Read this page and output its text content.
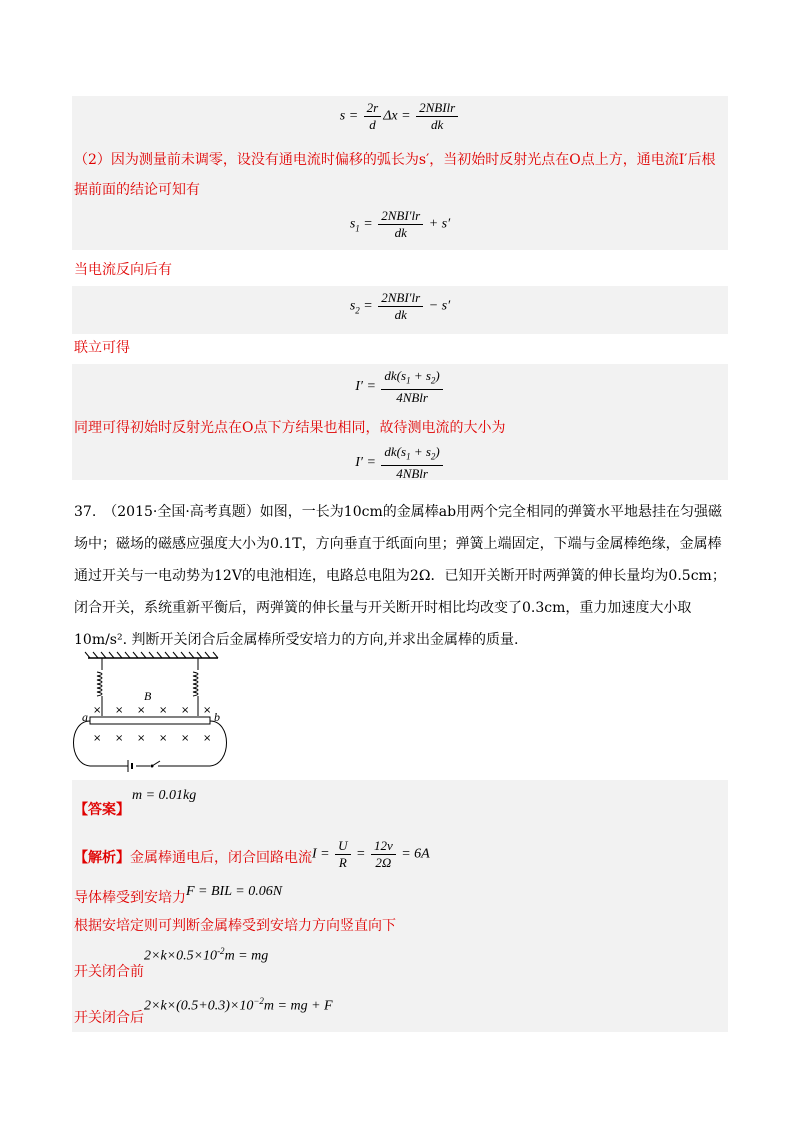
$s = \frac{2r}{d}$ $\Delta x = \frac{\text{2NBIlr}}{dk}$
（2）因为测量前未调零，设没有通电流时偏移的弧长为s′，当初始时反射光点在O点上方，通电流I′后根
据前面的结论可知有
$s_1 = \frac{\text{2NBI′lr}}{dk} + s'$
当电流反向后有
$s_2 = \frac{\text{2NBI′lr}}{dk} - s'$
联立可得
$I' = \frac{dk(s_1 + s_2)}{\text{4NBlr}}$
同理可得初始时反射光点在O点下方结果也相同，故待测电流的大小为
$I' = \frac{dk(s_1 + s_2)}{\text{4NBlr}}$
37.　（2015·全国·高考真题）如图，一长为10cm的金属棒ab用两个完全相同的弹簧水平地悬挂在匀强磁
场中；磁场的磁感应强度大小为0.1T，方向垂直于纸面向里；弹簧上端固定，下端与金属棒绝缘，金属棒
通过开关与一电动势为12V的电池相连，电路总电阻为2Ω．已知开关断开时两弹簧的伸长量均为0.5cm；
闭合开关，系统重新平衡后，两弹簧的伸长量与开关断开时相比均改变了0.3cm，重力加速度大小取
10m/s². 判断开关闭合后金属棒所受安培力的方向,并求出金属棒的质量.
× × × × × ×
× × × × × ×
B
a	b
【答案】
m = 0.01kg
【解析】金属棒通电后，闭合回路电流 $I = \frac{U}{R} = \frac{12v}{2\Omega} = 6A$
导体棒受到安培力 F = BIL = 0.06N
根据安培定则可判断金属棒受到安培力方向竖直向下
$2\times k\times 0.5\times 10^{-2}m$ = mg
开关闭合前
$2\times k\times(0.5+0.3)\times 10^{-2}m$ = mg + F
开关闭合后
